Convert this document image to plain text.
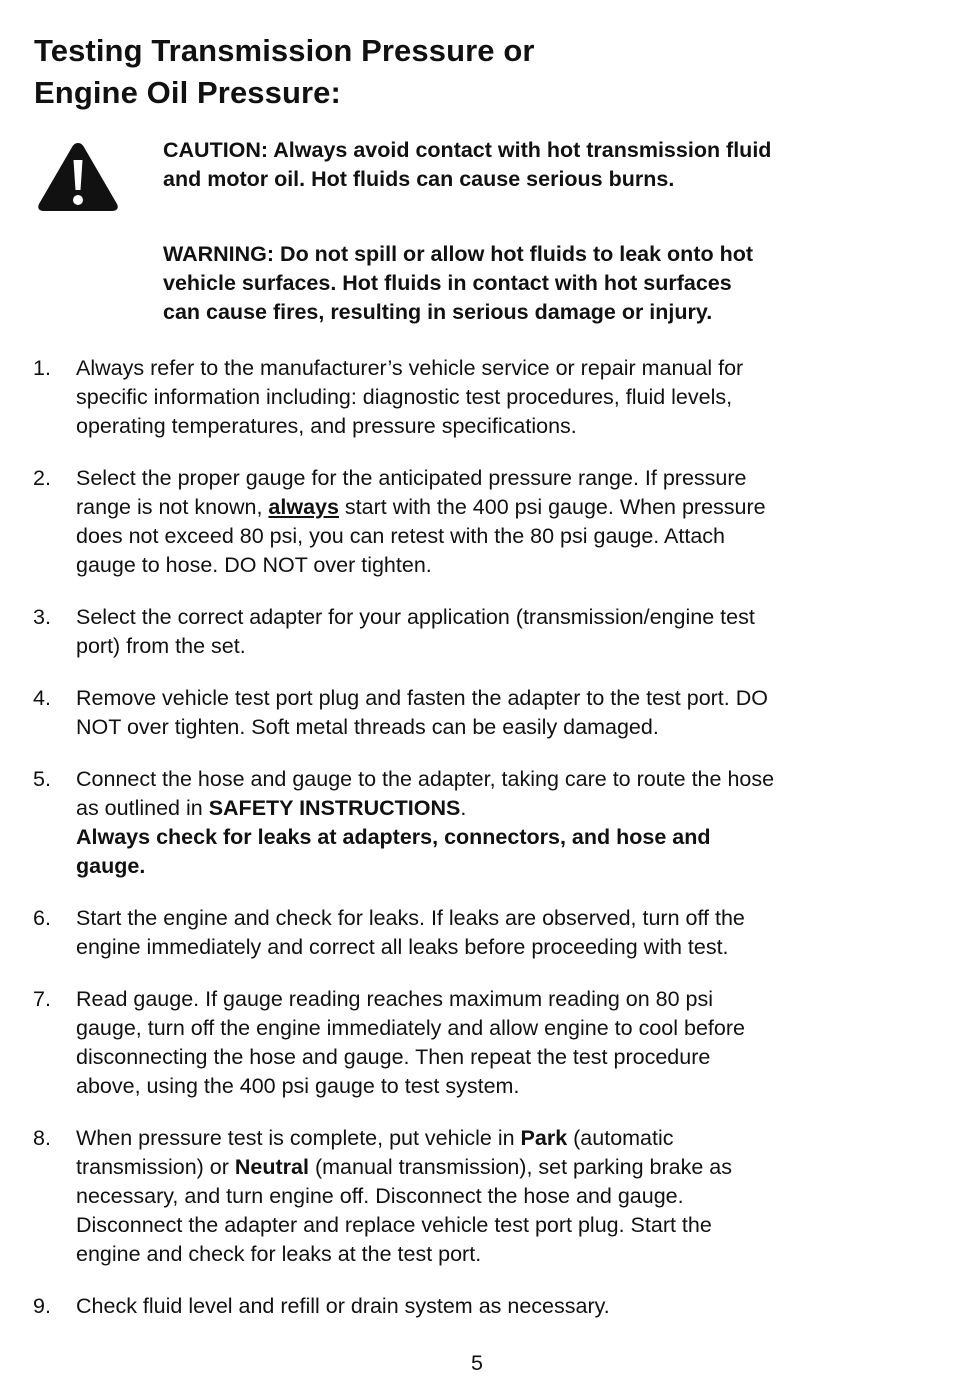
Testing Transmission Pressure or
Engine Oil Pressure:
CAUTION: Always avoid contact with hot transmission fluid
and motor oil. Hot fluids can cause serious burns.
WARNING: Do not spill or allow hot fluids to leak onto hot
vehicle surfaces. Hot fluids in contact with hot surfaces
can cause fires, resulting in serious damage or injury.
1. Always refer to the manufacturer’s vehicle service or repair manual for
specific information including: diagnostic test procedures, fluid levels,
operating temperatures, and pressure specifications.
2. Select the proper gauge for the anticipated pressure range. If pressure
range is not known, always start with the 400 psi gauge. When pressure
does not exceed 80 psi, you can retest with the 80 psi gauge. Attach
gauge to hose. DO NOT over tighten.
3. Select the correct adapter for your application (transmission/engine test
port) from the set.
4. Remove vehicle test port plug and fasten the adapter to the test port. DO
NOT over tighten. Soft metal threads can be easily damaged.
5. Connect the hose and gauge to the adapter, taking care to route the hose
as outlined in SAFETY INSTRUCTIONS.
Always check for leaks at adapters, connectors, and hose and
gauge.
6. Start the engine and check for leaks. If leaks are observed, turn off the
engine immediately and correct all leaks before proceeding with test.
7. Read gauge. If gauge reading reaches maximum reading on 80 psi
gauge, turn off the engine immediately and allow engine to cool before
disconnecting the hose and gauge. Then repeat the test procedure
above, using the 400 psi gauge to test system.
8. When pressure test is complete, put vehicle in Park (automatic
transmission) or Neutral (manual transmission), set parking brake as
necessary, and turn engine off. Disconnect the hose and gauge.
Disconnect the adapter and replace vehicle test port plug. Start the
engine and check for leaks at the test port.
9. Check fluid level and refill or drain system as necessary.
5
